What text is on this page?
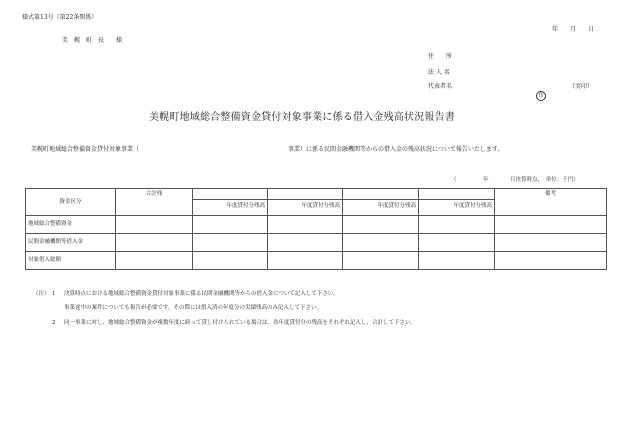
様式第13号（第22条関係）
年　　月　　日
美　幌　町　長　　様
住　　所
法 人 名
代表者名
印
（実印）
美幌町地域総合整備資金貸付対象事業に係る借入金残高状況報告書
美幌町地域総合整備資金貸付対象事業（	事業）に係る民間金融機関等からの借入金の残高状況について報告いたします。
（	年	月決算時点、　単位：千円）
資金区分	合計残	年度貸付分残高	年度貸付分残高	年度貸付分残高	年度貸付分残高	備考
地域総合整備資金						
民間金融機関等借入金						
対象借入総額						
（注） 1 決算時点における地域総合整備資金貸付対象事業に係る民間金融機関等からの借入金について記入して下さい。
事業途中の案件についても報告が必要です。その際には借入済の年度分の実績残高のみ記入して下さい。
2 同一事業に対し、地域総合整備資金が複数年度に跨って貸し付けられている場合は、各年度貸付分の残高をそれぞれ記入し、合計して下さい。
